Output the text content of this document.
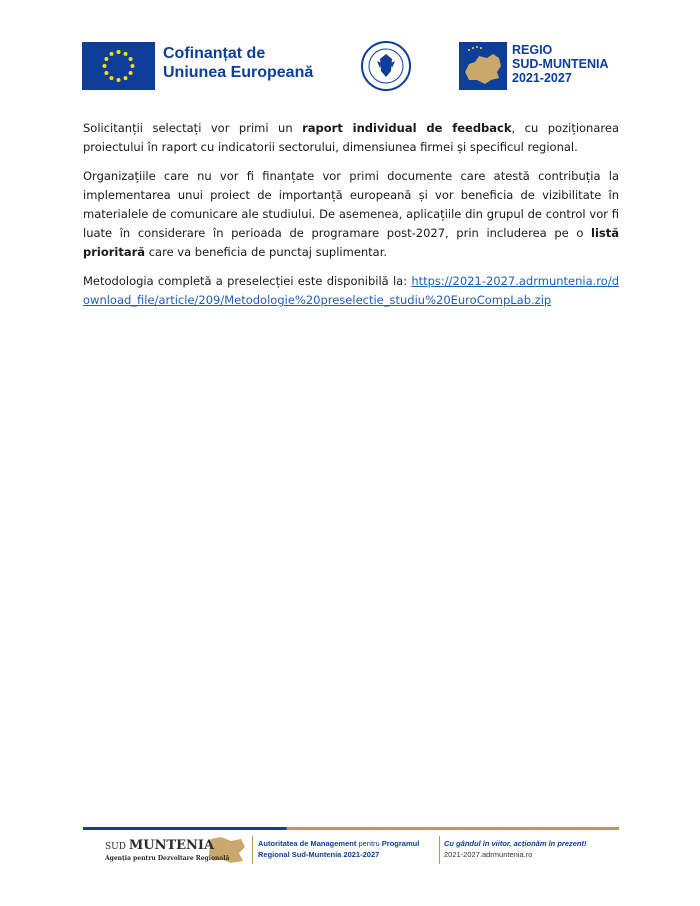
Cofinanțat de
Uniunea Europeană
REGIO
SUD-MUNTENIA
2021-2027

Solicitanții selectați vor primi un raport individual de feedback, cu poziționarea proiectului în raport cu indicatorii sectorului, dimensiunea firmei și specificul regional.

Organizațiile care nu vor fi finanțate vor primi documente care atestă contribuția la implementarea unui proiect de importanță europeană și vor beneficia de vizibilitate în materialele de comunicare ale studiului. De asemenea, aplicațiile din grupul de control vor fi luate în considerare în perioada de programare post-2027, prin includerea pe o listă prioritară care va beneficia de punctaj suplimentar.

Metodologia completă a preselecției este disponibilă la: https://2021-2027.adrmuntenia.ro/download_file/article/209/Metodologie%20preselectie_studiu%20EuroCompLab.zip

SUD MUNTENIA
Agenția pentru Dezvoltare Regională
Autoritatea de Management pentru Programul
Regional Sud-Muntenia 2021-2027
Cu gândul în viitor, acționăm în prezent!
2021-2027.adrmuntenia.ro
